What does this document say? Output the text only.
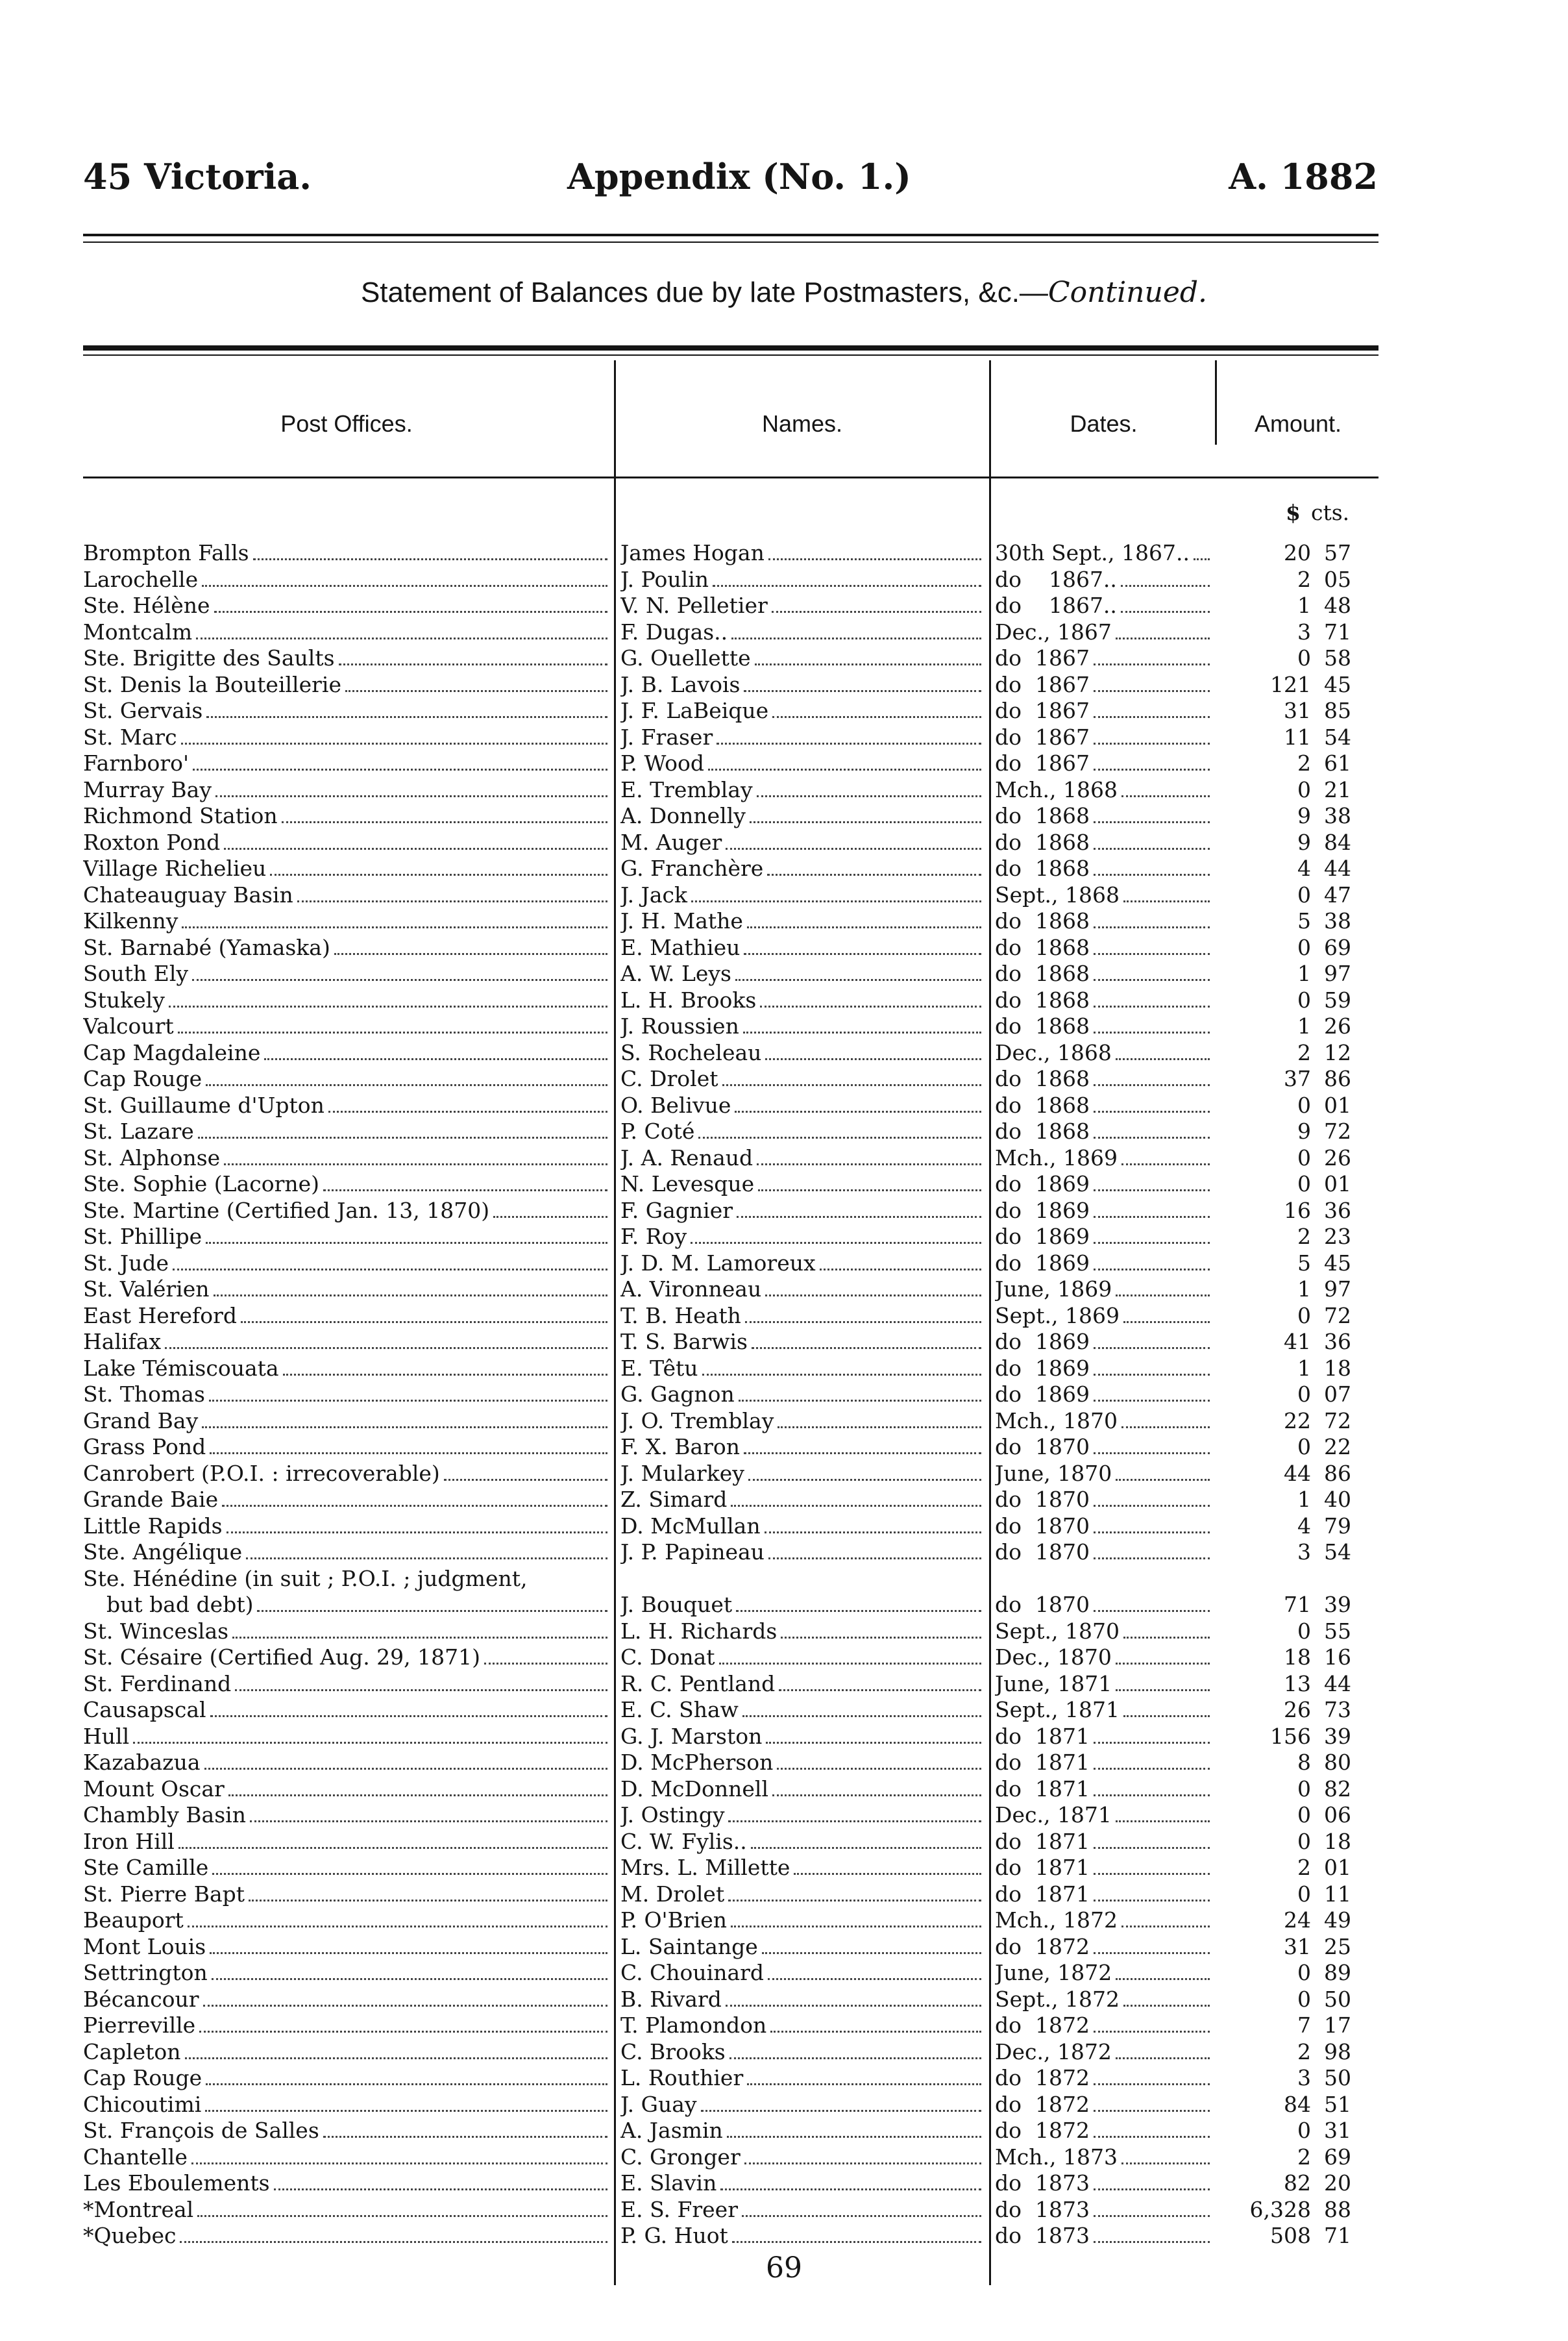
45 Victoria.	Appendix (No. 1.)	A. 1882
Statement of Balances due by late Postmasters, &c.—Continued.
Post Offices.	Names.	Dates.	Amount.
$ cts.
Brompton Falls	James Hogan	30th Sept., 1867..	20 57
Larochelle	J. Poulin	do    1867..	2 05
Ste. Hélène	V. N. Pelletier	do    1867..	1 48
Montcalm	F. Dugas..	Dec., 1867	3 71
Ste. Brigitte des Saults	G. Ouellette	do  1867	0 58
St. Denis la Bouteillerie	J. B. Lavois	do  1867	121 45
St. Gervais	J. F. LaBeique	do  1867	31 85
St. Marc	J. Fraser	do  1867	11 54
Farnboro'	P. Wood	do  1867	2 61
Murray Bay	E. Tremblay	Mch., 1868	0 21
Richmond Station	A. Donnelly	do  1868	9 38
Roxton Pond	M. Auger	do  1868	9 84
Village Richelieu	G. Franchère	do  1868	4 44
Chateauguay Basin	J. Jack	Sept., 1868	0 47
Kilkenny	J. H. Mathe	do  1868	5 38
St. Barnabé (Yamaska)	E. Mathieu	do  1868	0 69
South Ely	A. W. Leys	do  1868	1 97
Stukely	L. H. Brooks	do  1868	0 59
Valcourt	J. Roussien	do  1868	1 26
Cap Magdaleine	S. Rocheleau	Dec., 1868	2 12
Cap Rouge	C. Drolet	do  1868	37 86
St. Guillaume d'Upton	O. Belivue	do  1868	0 01
St. Lazare	P. Coté	do  1868	9 72
St. Alphonse	J. A. Renaud	Mch., 1869	0 26
Ste. Sophie (Lacorne)	N. Levesque	do  1869	0 01
Ste. Martine (Certified Jan. 13, 1870)	F. Gagnier	do  1869	16 36
St. Phillipe	F. Roy	do  1869	2 23
St. Jude	J. D. M. Lamoreux	do  1869	5 45
St. Valérien	A. Vironneau	June, 1869	1 97
East Hereford	T. B. Heath	Sept., 1869	0 72
Halifax	T. S. Barwis	do  1869	41 36
Lake Témiscouata	E. Têtu	do  1869	1 18
St. Thomas	G. Gagnon	do  1869	0 07
Grand Bay	J. O. Tremblay	Mch., 1870	22 72
Grass Pond	F. X. Baron	do  1870	0 22
Canrobert (P.O.I. : irrecoverable)	J. Mularkey	June, 1870	44 86
Grande Baie	Z. Simard	do  1870	1 40
Little Rapids	D. McMullan	do  1870	4 79
Ste. Angélique	J. P. Papineau	do  1870	3 54
Ste. Hénédine (in suit ; P.O.I. ; judgment,
but bad debt)	J. Bouquet	do  1870	71 39
St. Winceslas	L. H. Richards	Sept., 1870	0 55
St. Césaire (Certified Aug. 29, 1871)	C. Donat	Dec., 1870	18 16
St. Ferdinand	R. C. Pentland	June, 1871	13 44
Causapscal	E. C. Shaw	Sept., 1871	26 73
Hull	G. J. Marston	do  1871	156 39
Kazabazua	D. McPherson	do  1871	8 80
Mount Oscar	D. McDonnell	do  1871	0 82
Chambly Basin	J. Ostingy	Dec., 1871	0 06
Iron Hill	C. W. Fylis..	do  1871	0 18
Ste Camille	Mrs. L. Millette	do  1871	2 01
St. Pierre Bapt	M. Drolet	do  1871	0 11
Beauport	P. O'Brien	Mch., 1872	24 49
Mont Louis	L. Saintange	do  1872	31 25
Settrington	C. Chouinard	June, 1872	0 89
Bécancour	B. Rivard	Sept., 1872	0 50
Pierreville	T. Plamondon	do  1872	7 17
Capleton	C. Brooks	Dec., 1872	2 98
Cap Rouge	L. Routhier	do  1872	3 50
Chicoutimi	J. Guay	do  1872	84 51
St. François de Salles	A. Jasmin	do  1872	0 31
Chantelle	C. Gronger	Mch., 1873	2 69
Les Eboulements	E. Slavin	do  1873	82 20
*Montreal	E. S. Freer	do  1873	6,328 88
*Quebec	P. G. Huot	do  1873	508 71
69
